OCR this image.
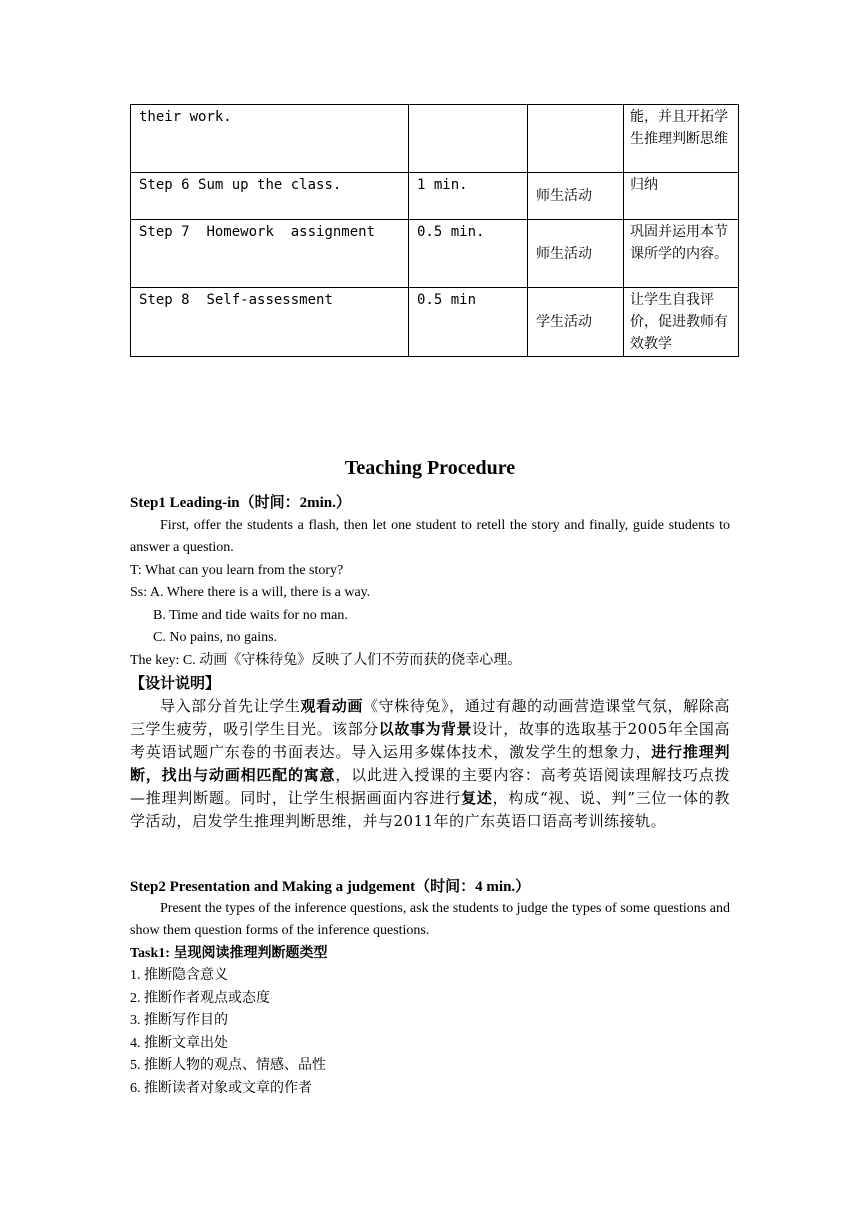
their work.			能，并且开拓学生推理判断思维
Step 6 Sum up the class.	1 min.	师生活动	归纳
Step 7 Homework  assignment	0.5 min.	师生活动	巩固并运用本节课所学的内容。
Step 8 Self-assessment	0.5 min	学生活动	让学生自我评价，促进教师有效教学
Teaching Procedure
Step1 Leading-in（时间：2min.）
First, offer the students a flash, then let one student to retell the story and finally, guide students to answer a question.
T: What can you learn from the story?
Ss: A. Where there is a will, there is a way.
B. Time and tide waits for no man.
C. No pains, no gains.
The key: C. 动画《守株待兔》反映了人们不劳而获的侥幸心理。
【设计说明】
导入部分首先让学生观看动画《守株待兔》，通过有趣的动画营造课堂气氛，解除高三学生疲劳，吸引学生目光。该部分以故事为背景设计，故事的选取基于2005年全国高考英语试题广东卷的书面表达。导入运用多媒体技术，激发学生的想象力，进行推理判断，找出与动画相匹配的寓意，以此进入授课的主要内容：高考英语阅读理解技巧点拨—推理判断题。同时，让学生根据画面内容进行复述，构成“视、说、判”三位一体的教学活动，启发学生推理判断思维，并与2011年的广东英语口语高考训练接轨。
Step2 Presentation and Making a judgement（时间：4 min.）
Present the types of the inference questions, ask the students to judge the types of some questions and show them question forms of the inference questions.
Task1: 呈现阅读推理判断题类型
1. 推断隐含意义
2. 推断作者观点或态度
3. 推断写作目的
4. 推断文章出处
5. 推断人物的观点、情感、品性
6. 推断读者对象或文章的作者
